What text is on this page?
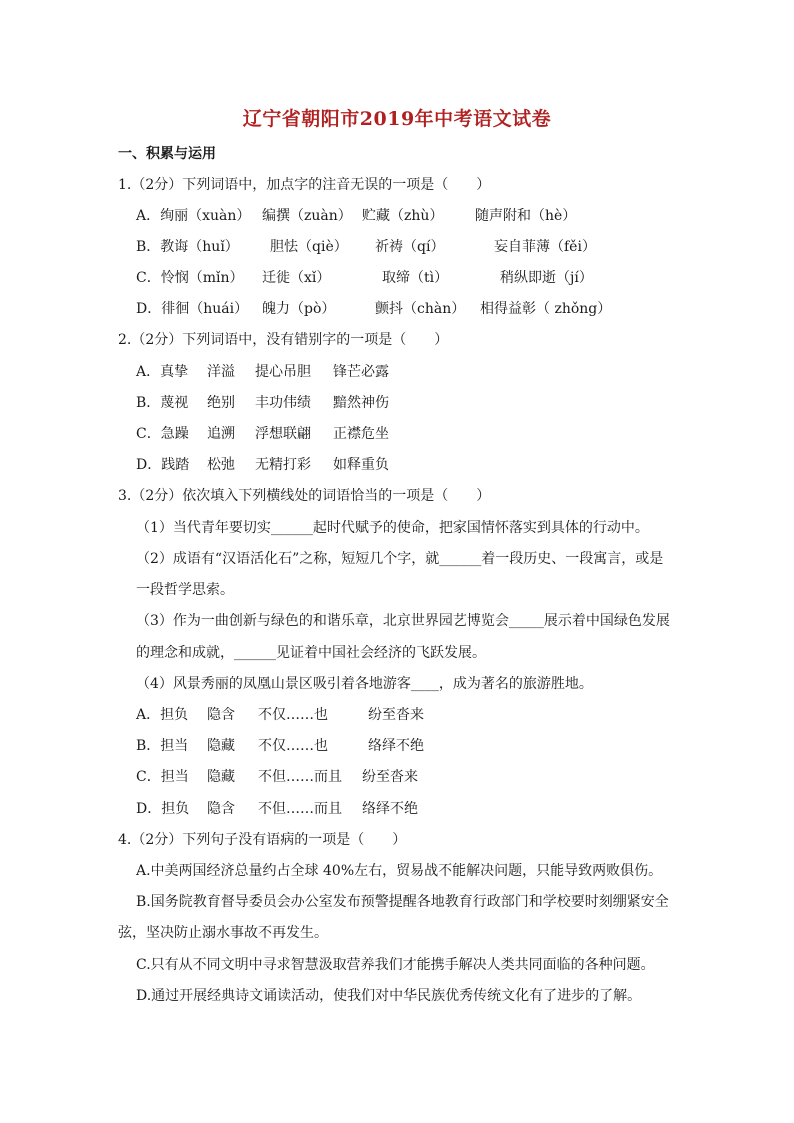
辽宁省朝阳市2019年中考语文试卷
一、积累与运用
1.（2分）下列词语中，加点字的注音无误的一项是（　　）
A．绚丽（xuàn） 编撰（zuàn） 贮藏（zhù） 随声附和（hè）
B．教诲（huǐ） 胆怯（qiè） 祈祷（qí）	妄自菲薄（fěi）
C．怜悯（mǐn） 迁徙（xǐ）	取缔（tì）	稍纵即逝（jí）
D．徘徊（huái） 魄力（pò）	颤抖（chàn） 相得益彰（ zhǒng）
2.（2分）下列词语中，没有错别字的一项是（　　）
A．真挚 洋溢 提心吊胆 锋芒必露
B．蔑视 绝别 丰功伟绩 黯然神伤
C．急躁 追溯 浮想联翩 正襟危坐
D．践踏 松弛 无精打彩 如释重负
3.（2分）依次填入下列横线处的词语恰当的一项是（　　）
（1）当代青年要切实______起时代赋予的使命，把家国情怀落实到具体的行动中。
（2）成语有“汉语活化石”之称，短短几个字，就______着一段历史、一段寓言，或是
一段哲学思索。
（3）作为一曲创新与绿色的和谐乐章，北京世界园艺博览会_____展示着中国绿色发展
的理念和成就，______见证着中国社会经济的飞跃发展。
（4）风景秀丽的凤凰山景区吸引着各地游客____，成为著名的旅游胜地。
A．担负 隐含 不仅……也	纷至沓来
B．担当 隐藏 不仅……也	络绎不绝
C．担当 隐藏 不但……而且 纷至沓来
D．担负 隐含 不但……而且 络绎不绝
4.（2分）下列句子没有语病的一项是（　　）
A.中美两国经济总量约占全球 40%左右，贸易战不能解决问题，只能导致两败俱伤。
B.国务院教育督导委员会办公室发布预警提醒各地教育行政部门和学校要时刻绷紧安全
弦，坚决防止溺水事故不再发生。
C.只有从不同文明中寻求智慧汲取营养我们才能携手解决人类共同面临的各种问题。
D.通过开展经典诗文诵读活动，使我们对中华民族优秀传统文化有了进步的了解。
